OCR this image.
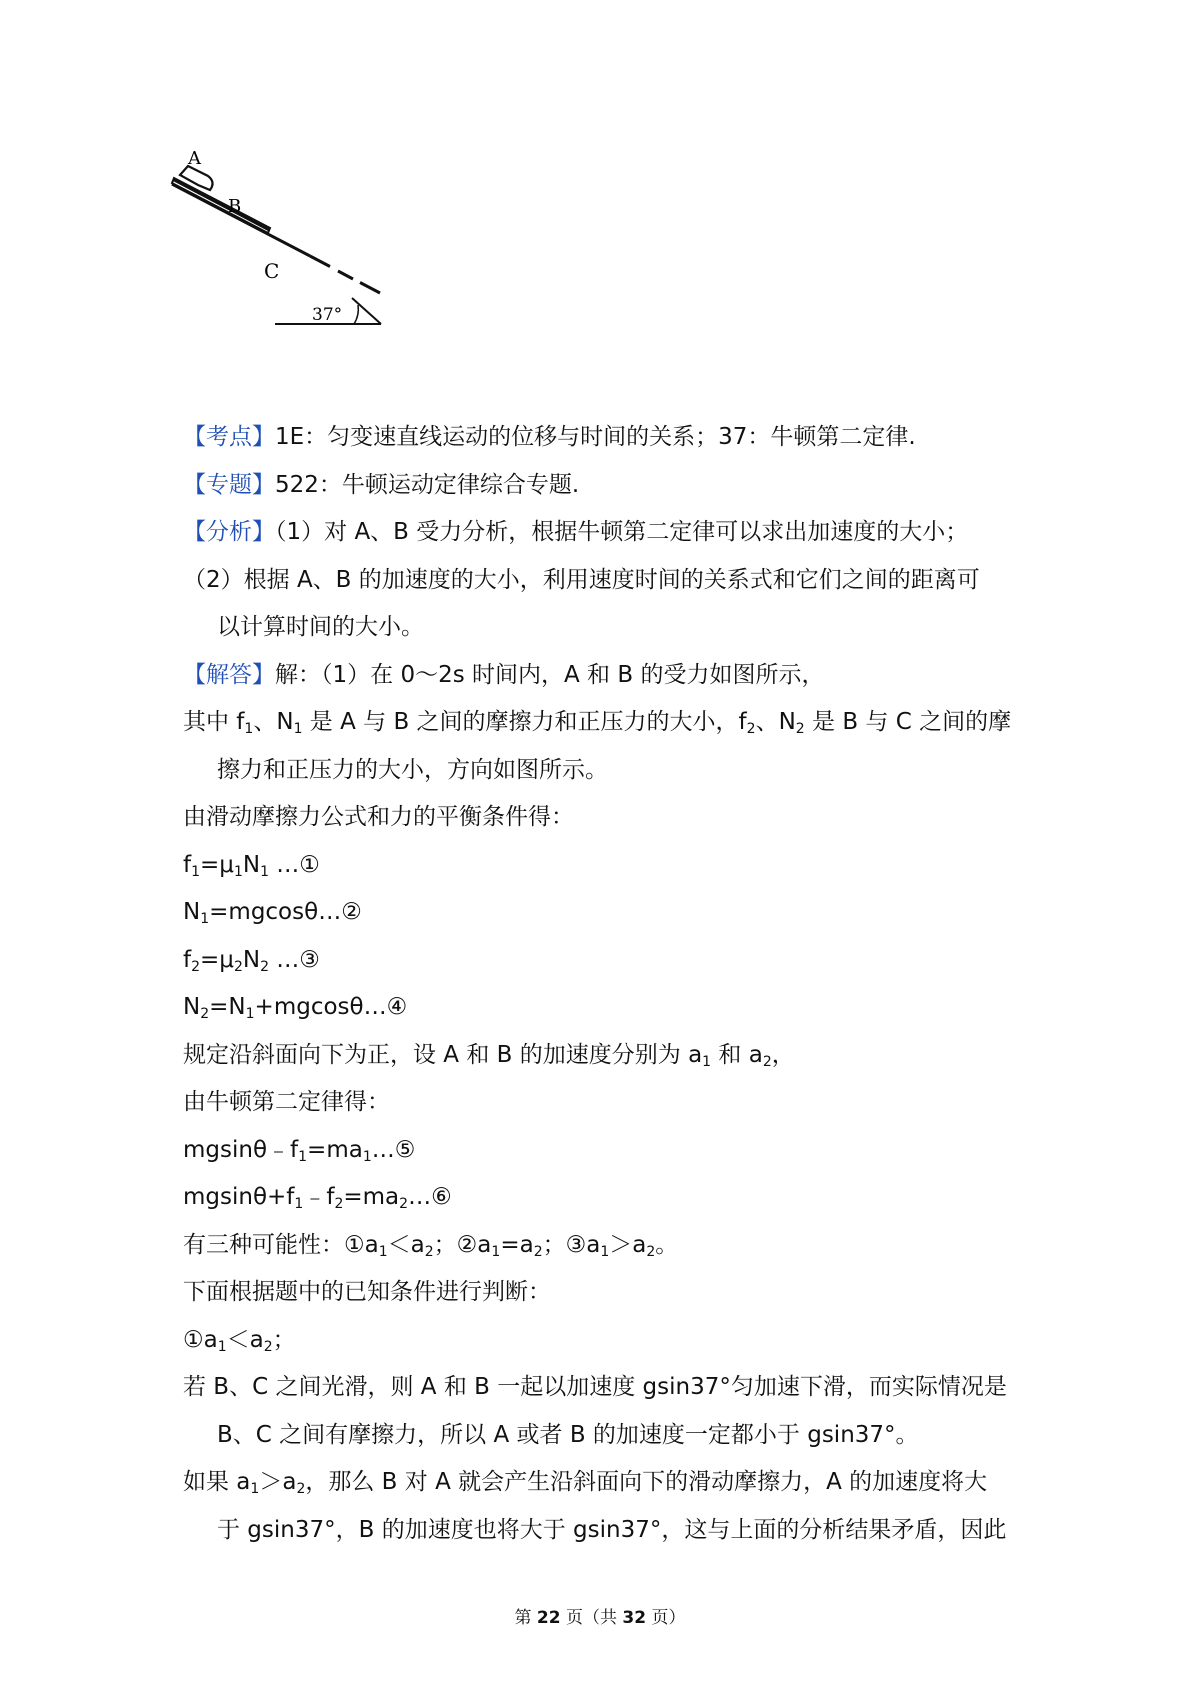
A
B
C
37°
【考点】1E：匀变速直线运动的位移与时间的关系；37：牛顿第二定律.
【专题】522：牛顿运动定律综合专题.
【分析】（1）对 A、B 受力分析，根据牛顿第二定律可以求出加速度的大小；
（2）根据 A、B 的加速度的大小，利用速度时间的关系式和它们之间的距离可
以计算时间的大小。
【解答】解：（1）在 0～2s 时间内，A 和 B 的受力如图所示，
其中 $f_1$、$N_1$ 是 A 与 B 之间的摩擦力和正压力的大小，$f_2$、$N_2$ 是 B 与 C 之间的摩
擦力和正压力的大小，方向如图所示。
由滑动摩擦力公式和力的平衡条件得：
$f_1=\mu_1N_1$ …①
$N_1=mgcos\theta\dots ②$
$f_2=\mu_2N_2$ …③
$N_2=N_1+mgcos\theta\dots ④$
规定沿斜面向下为正，设 A 和 B 的加速度分别为 $a_1$ 和 $a_2$，
由牛顿第二定律得：
$mgsin\theta﹣f_1=ma_1\dots ⑤$
$mgsin\theta+f_1﹣f_2=ma_2\dots ⑥$
有三种可能性：$①a_1<a_2$；$②a_1=a_2$；$③a_1>a_2$。
下面根据题中的已知条件进行判断：
$①a_1<a_2$；
若 B、C 之间光滑，则 A 和 B 一起以加速度 gsin37°匀加速下滑，而实际情况是
B、C 之间有摩擦力，所以 A 或者 B 的加速度一定都小于 gsin37°。
如果 $a_1>a_2$，那么 B 对 A 就会产生沿斜面向下的滑动摩擦力，A 的加速度将大
于 gsin37°，B 的加速度也将大于 gsin37°，这与上面的分析结果矛盾，因此
第 22 页（共 32 页）
